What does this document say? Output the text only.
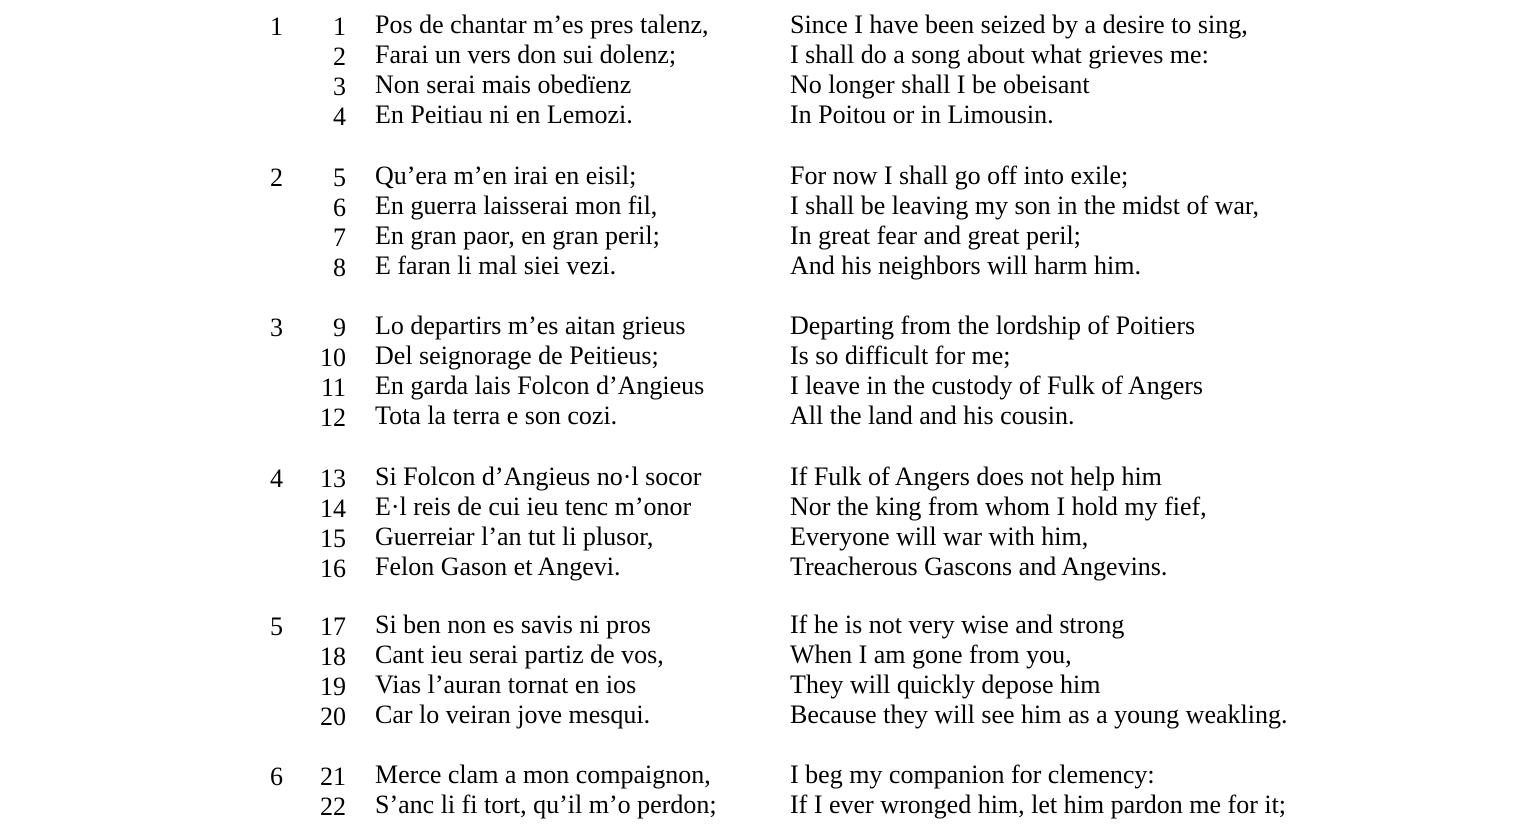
1	1 Pos de chantar m’es pres talenz,	Since I have been seized by a desire to sing,
2 Farai un vers don sui dolenz;	I shall do a song about what grieves me:
3 Non serai mais obedïenz	No longer shall I be obeisant
4 En Peitiau ni en Lemozi.	In Poitou or in Limousin.
2	5 Qu’era m’en irai en eisil;	For now I shall go off into exile;
6 En guerra laisserai mon fil,	I shall be leaving my son in the midst of war,
7 En gran paor, en gran peril;	In great fear and great peril;
8 E faran li mal siei vezi.	And his neighbors will harm him.
3	9 Lo departirs m’es aitan grieus	Departing from the lordship of Poitiers
10 Del seignorage de Peitieus;	Is so difficult for me;
11 En garda lais Folcon d’Angieus	I leave in the custody of Fulk of Angers
12 Tota la terra e son cozi.	All the land and his cousin.
4	13 Si Folcon d’Angieus no·l socor	If Fulk of Angers does not help him
14 E·l reis de cui ieu tenc m’onor	Nor the king from whom I hold my fief,
15 Guerreiar l’an tut li plusor,	Everyone will war with him,
16 Felon Gason et Angevi.	Treacherous Gascons and Angevins.
5	17 Si ben non es savis ni pros	If he is not very wise and strong
18 Cant ieu serai partiz de vos,	When I am gone from you,
19 Vias l’auran tornat en ios	They will quickly depose him
20 Car lo veiran jove mesqui.	Because they will see him as a young weakling.
6	21 Merce clam a mon compaignon,	I beg my companion for clemency:
22 S’anc li fi tort, qu’il m’o perdon;	If I ever wronged him, let him pardon me for it;
